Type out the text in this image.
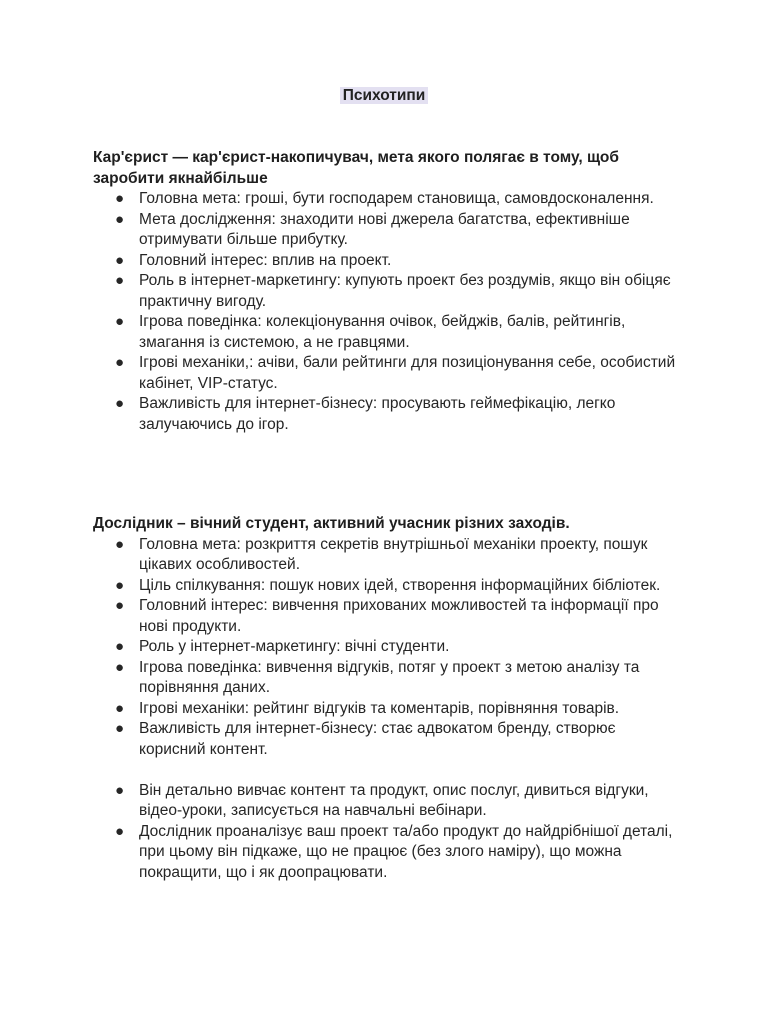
Психотипи

Кар'єрист — кар'єрист-накопичувач, мета якого полягає в тому, щоб заробити якнайбільше

● Головна мета: гроші, бути господарем становища, самовдосконалення.
● Мета дослідження: знаходити нові джерела багатства, ефективніше отримувати більше прибутку.
● Головний інтерес: вплив на проект.
● Роль в інтернет-маркетингу: купують проект без роздумів, якщо він обіцяє практичну вигоду.
● Ігрова поведінка: колекціонування очівок, бейджів, балів, рейтингів, змагання із системою, а не гравцями.
● Ігрові механіки,: ачіви, бали рейтинги для позиціонування себе, особистий кабінет, VIP-статус.
● Важливість для інтернет-бізнесу: просувають геймефікацію, легко залучаючись до ігор.

Дослідник – вічний студент, активний учасник різних заходів.

● Головна мета: розкриття секретів внутрішньої механіки проекту, пошук цікавих особливостей.
● Ціль спілкування: пошук нових ідей, створення інформаційних бібліотек.
● Головний інтерес: вивчення прихованих можливостей та інформації про нові продукти.
● Роль у інтернет-маркетингу: вічні студенти.
● Ігрова поведінка: вивчення відгуків, потяг у проект з метою аналізу та порівняння даних.
● Ігрові механіки: рейтинг відгуків та коментарів, порівняння товарів.
● Важливість для інтернет-бізнесу: стає адвокатом бренду, створює корисний контент.
● Він детально вивчає контент та продукт, опис послуг, дивиться відгуки, відео-уроки, записується на навчальні вебінари.
● Дослідник проаналізує ваш проект та/або продукт до найдрібнішої деталі, при цьому він підкаже, що не працює (без злого наміру), що можна покращити, що і як доопрацювати.
